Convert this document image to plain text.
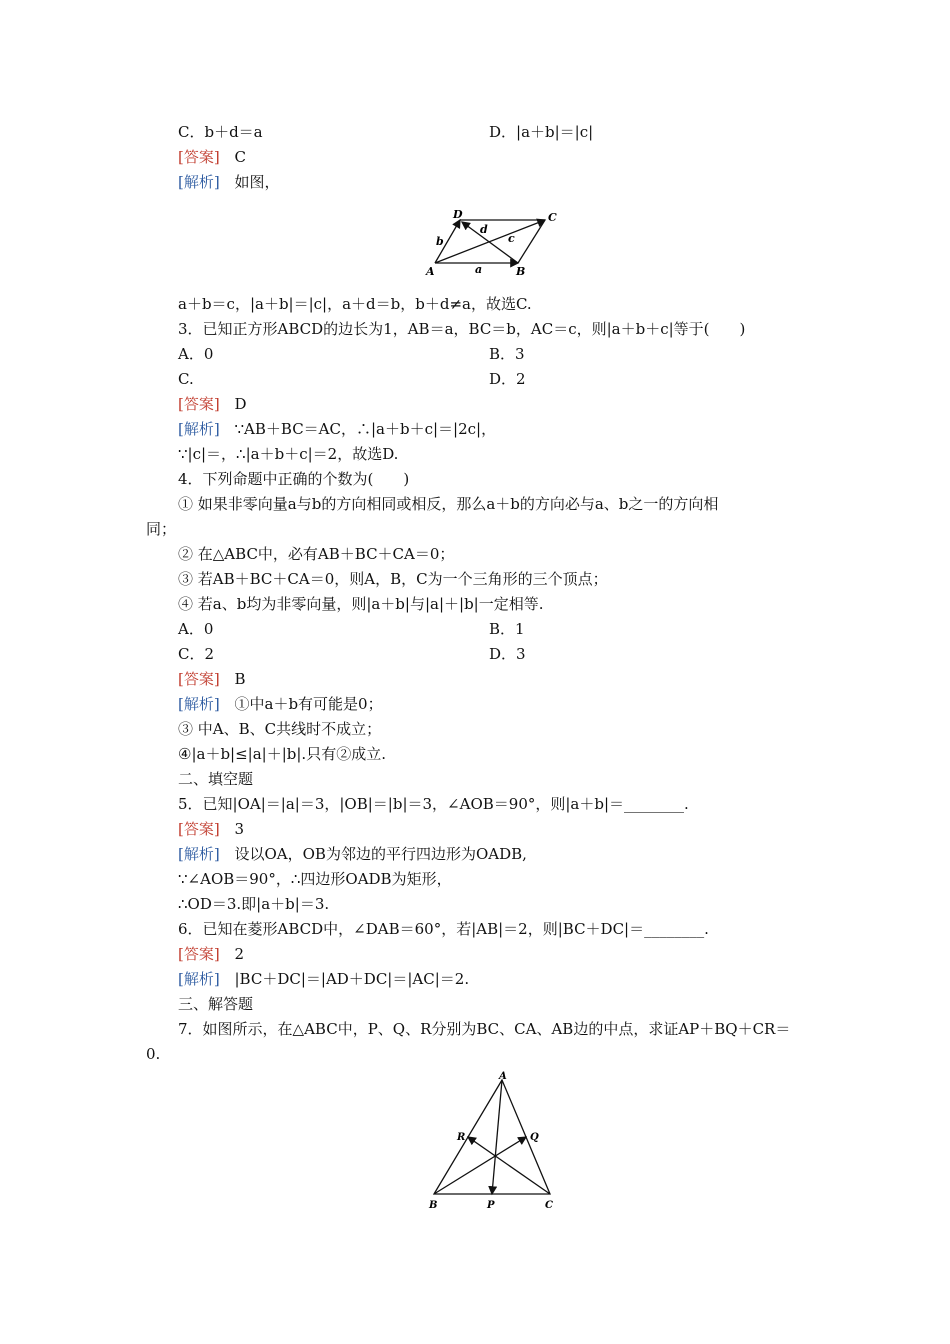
C．b＋d＝a	D．|a＋b|＝|c|
[答案] C
[解析] 如图，
A	B
C
D
a
b	c
d
a＋b＝c，|a＋b|＝|c|，a＋d＝b，b＋d≠a，故选C.
3．已知正方形ABCD的边长为1，AB＝a，BC＝b，AC＝c，则|a＋b＋c|等于(　　)
A．0	B．3
C.	D．2
[答案] D
[解析] ∵AB＋BC＝AC，∴|a＋b＋c|＝|2c|，
∵|c|＝，∴|a＋b＋c|＝2，故选D.
4．下列命题中正确的个数为(　　)
① 如果非零向量a与b的方向相同或相反，那么a＋b的方向必与a、b之一的方向相
同；
② 在△ABC中，必有AB＋BC＋CA＝0；
③ 若AB＋BC＋CA＝0，则A，B，C为一个三角形的三个顶点；
④ 若a、b均为非零向量，则|a＋b|与|a|＋|b|一定相等.
A．0	B．1
C．2	D．3
[答案] B
[解析] ①中a＋b有可能是0；
③ 中A、B、C共线时不成立；
④|a＋b|≤|a|＋|b|.只有②成立.
二、填空题
5．已知|OA|＝|a|＝3，|OB|＝|b|＝3，∠AOB＝90°，则|a＋b|＝________.
[答案] 3
[解析] 设以OA，OB为邻边的平行四边形为OADB,
∵∠AOB＝90°，∴四边形OADB为矩形，
∴OD＝3.即|a＋b|＝3.
6．已知在菱形ABCD中，∠DAB＝60°，若|AB|＝2，则|BC＋DC|＝________.
[答案] 2
[解析] |BC＋DC|＝|AD＋DC|＝|AC|＝2.
三、解答题
7．如图所示，在△ABC中，P、Q、R分别为BC、CA、AB边的中点，求证AP＋BQ＋CR＝
0.
A
B	C
P
Q
R
